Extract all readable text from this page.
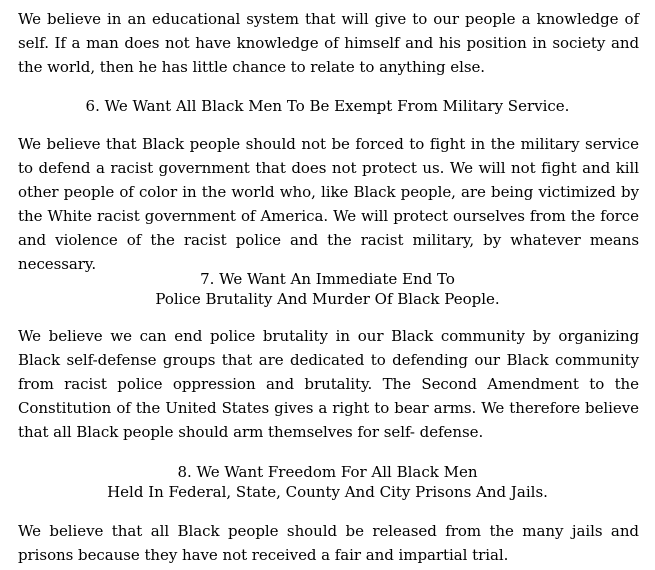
We believe in an educational system that will give to our people a knowledge of self. If a man does not have knowledge of himself and his position in society and the world, then he has little chance to relate to anything else.

6. We Want All Black Men To Be Exempt From Military Service.

We believe that Black people should not be forced to fight in the military service to defend a racist government that does not protect us. We will not fight and kill other people of color in the world who, like Black people, are being victimized by the White racist government of America. We will protect ourselves from the force and violence of the racist police and the racist military, by whatever means necessary.

7. We Want An Immediate End To
Police Brutality And Murder Of Black People.

We believe we can end police brutality in our Black community by organizing Black self-defense groups that are dedicated to defending our Black community from racist police oppression and brutality. The Second Amendment to the Constitution of the United States gives a right to bear arms. We therefore believe that all Black people should arm themselves for self- defense.

8. We Want Freedom For All Black Men
Held In Federal, State, County And City Prisons And Jails.

We believe that all Black people should be released from the many jails and prisons because they have not received a fair and impartial trial.
